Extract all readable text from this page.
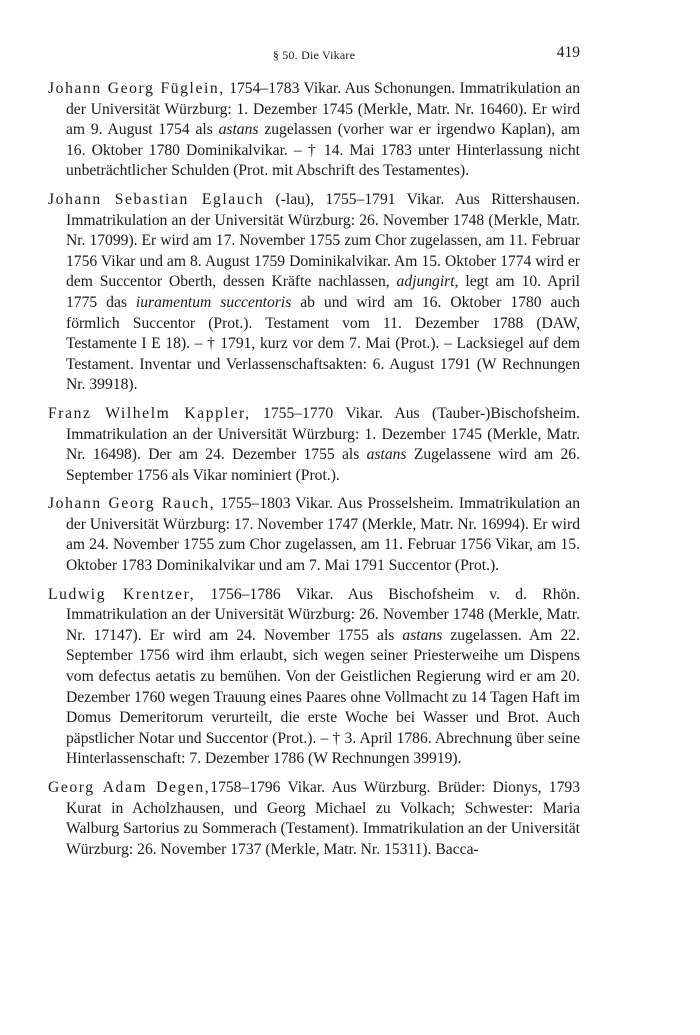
§ 50. Die Vikare	419

Johann Georg Füglein, 1754–1783 Vikar. Aus Schonungen. Immatrikulation an der Universität Würzburg: 1. Dezember 1745 (Merkle, Matr. Nr. 16460). Er wird am 9. August 1754 als astans zugelassen (vorher war er irgendwo Kaplan), am 16. Oktober 1780 Dominikalvikar. – † 14. Mai 1783 unter Hinterlassung nicht unbeträchtlicher Schulden (Prot. mit Abschrift des Testamentes).

Johann Sebastian Eglauch (-lau), 1755–1791 Vikar. Aus Rittershausen. Immatrikulation an der Universität Würzburg: 26. November 1748 (Merkle, Matr. Nr. 17099). Er wird am 17. November 1755 zum Chor zugelassen, am 11. Februar 1756 Vikar und am 8. August 1759 Dominikalvikar. Am 15. Oktober 1774 wird er dem Succentor Oberth, dessen Kräfte nachlassen, adjungirt, legt am 10. April 1775 das iuramentum succentoris ab und wird am 16. Oktober 1780 auch förmlich Succentor (Prot.). Testament vom 11. Dezember 1788 (DAW, Testamente I E 18). – † 1791, kurz vor dem 7. Mai (Prot.). – Lacksiegel auf dem Testament. Inventar und Verlassenschaftsakten: 6. August 1791 (W Rechnungen Nr. 39918).

Franz Wilhelm Kappler, 1755–1770 Vikar. Aus (Tauber-)Bischofsheim. Immatrikulation an der Universität Würzburg: 1. Dezember 1745 (Merkle, Matr. Nr. 16498). Der am 24. Dezember 1755 als astans Zugelassene wird am 26. September 1756 als Vikar nominiert (Prot.).

Johann Georg Rauch, 1755–1803 Vikar. Aus Prosselsheim. Immatrikulation an der Universität Würzburg: 17. November 1747 (Merkle, Matr. Nr. 16994). Er wird am 24. November 1755 zum Chor zugelassen, am 11. Februar 1756 Vikar, am 15. Oktober 1783 Dominikalvikar und am 7. Mai 1791 Succentor (Prot.).

Ludwig Krentzer, 1756–1786 Vikar. Aus Bischofsheim v. d. Rhön. Immatrikulation an der Universität Würzburg: 26. November 1748 (Merkle, Matr. Nr. 17147). Er wird am 24. November 1755 als astans zugelassen. Am 22. September 1756 wird ihm erlaubt, sich wegen seiner Priesterweihe um Dispens vom defectus aetatis zu bemühen. Von der Geistlichen Regierung wird er am 20. Dezember 1760 wegen Trauung eines Paares ohne Vollmacht zu 14 Tagen Haft im Domus Demeritorum verurteilt, die erste Woche bei Wasser und Brot. Auch päpstlicher Notar und Succentor (Prot.). – † 3. April 1786. Abrechnung über seine Hinterlassenschaft: 7. Dezember 1786 (W Rechnungen 39919).

Georg Adam Degen,1758–1796 Vikar. Aus Würzburg. Brüder: Dionys, 1793 Kurat in Acholzhausen, und Georg Michael zu Volkach; Schwester: Maria Walburg Sartorius zu Sommerach (Testament). Immatrikulation an der Universität Würzburg: 26. November 1737 (Merkle, Matr. Nr. 15311). Bacca-
